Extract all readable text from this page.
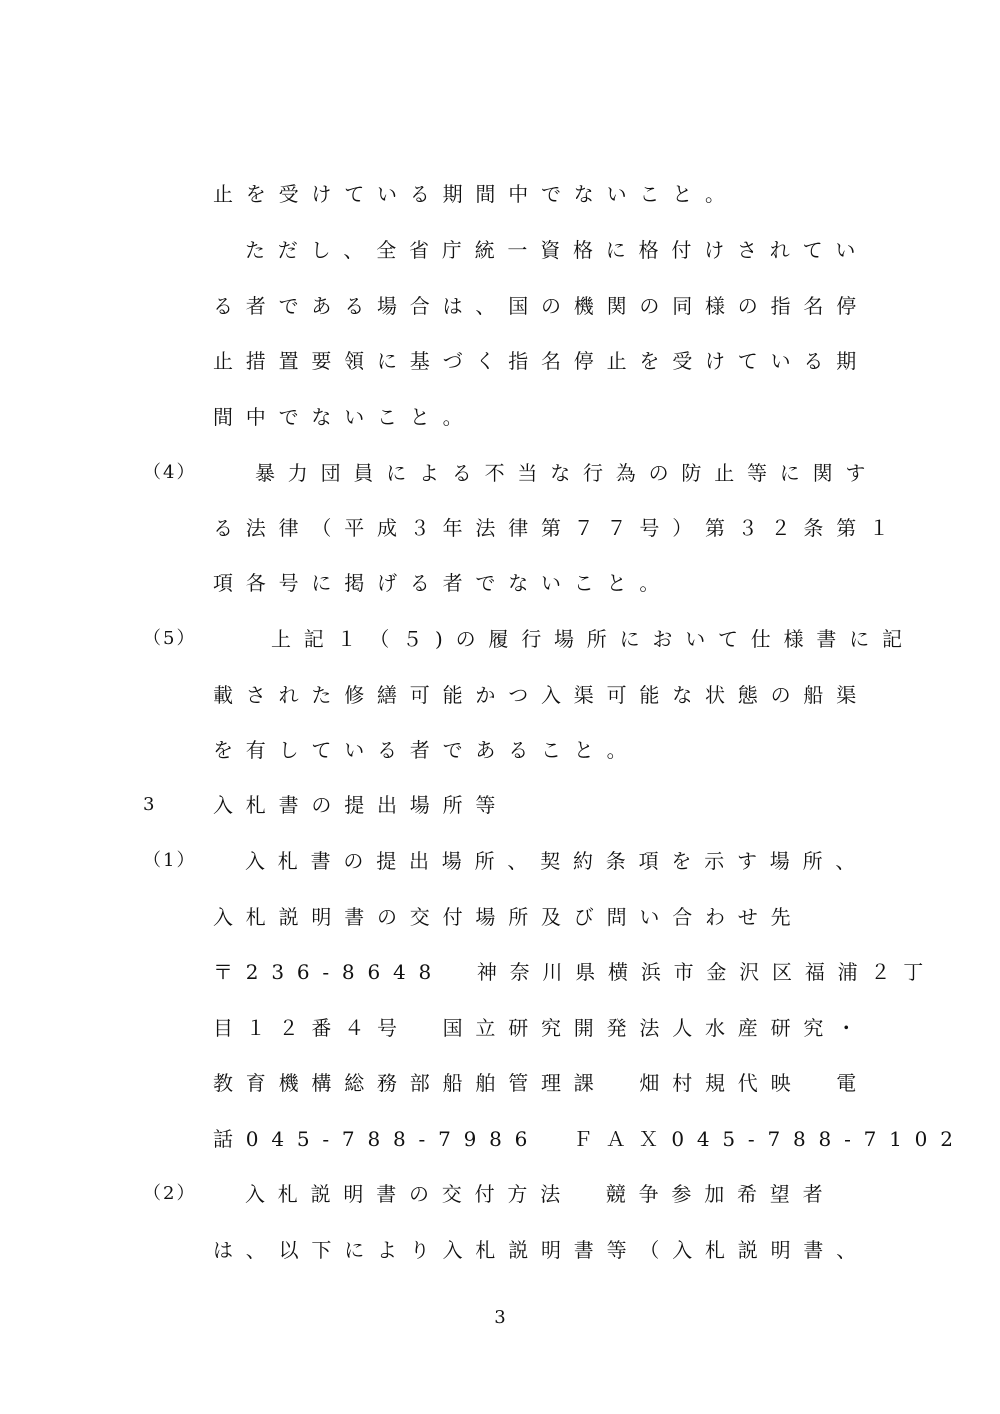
止を受けている期間中でないこと。
ただし、全省庁統一資格に格付けされてい
る者である場合は、国の機関の同様の指名停
止措置要領に基づく指名停止を受けている期
間中でないこと。
（4）	暴力団員による不当な行為の防止等に関す
る法律（平成３年法律第７７号）第３２条第１
項各号に掲げる者でないこと。
（5）	上記１（５)の履行場所において仕様書に記
載された修繕可能かつ入渠可能な状態の船渠
を有している者であること。
3	入札書の提出場所等
（1） 入札書の提出場所、契約条項を示す場所、
入札説明書の交付場所及び問い合わせ先
〒236-8648　神奈川県横浜市金沢区福浦２丁
目１２番４号　国立研究開発法人水産研究・
教育機構総務部船舶管理課　畑村規代映　電
話045-788-7986　ＦＡＸ045-788-7102
（2） 入札説明書の交付方法　競争参加希望者
は、以下により入札説明書等（入札説明書、
3
